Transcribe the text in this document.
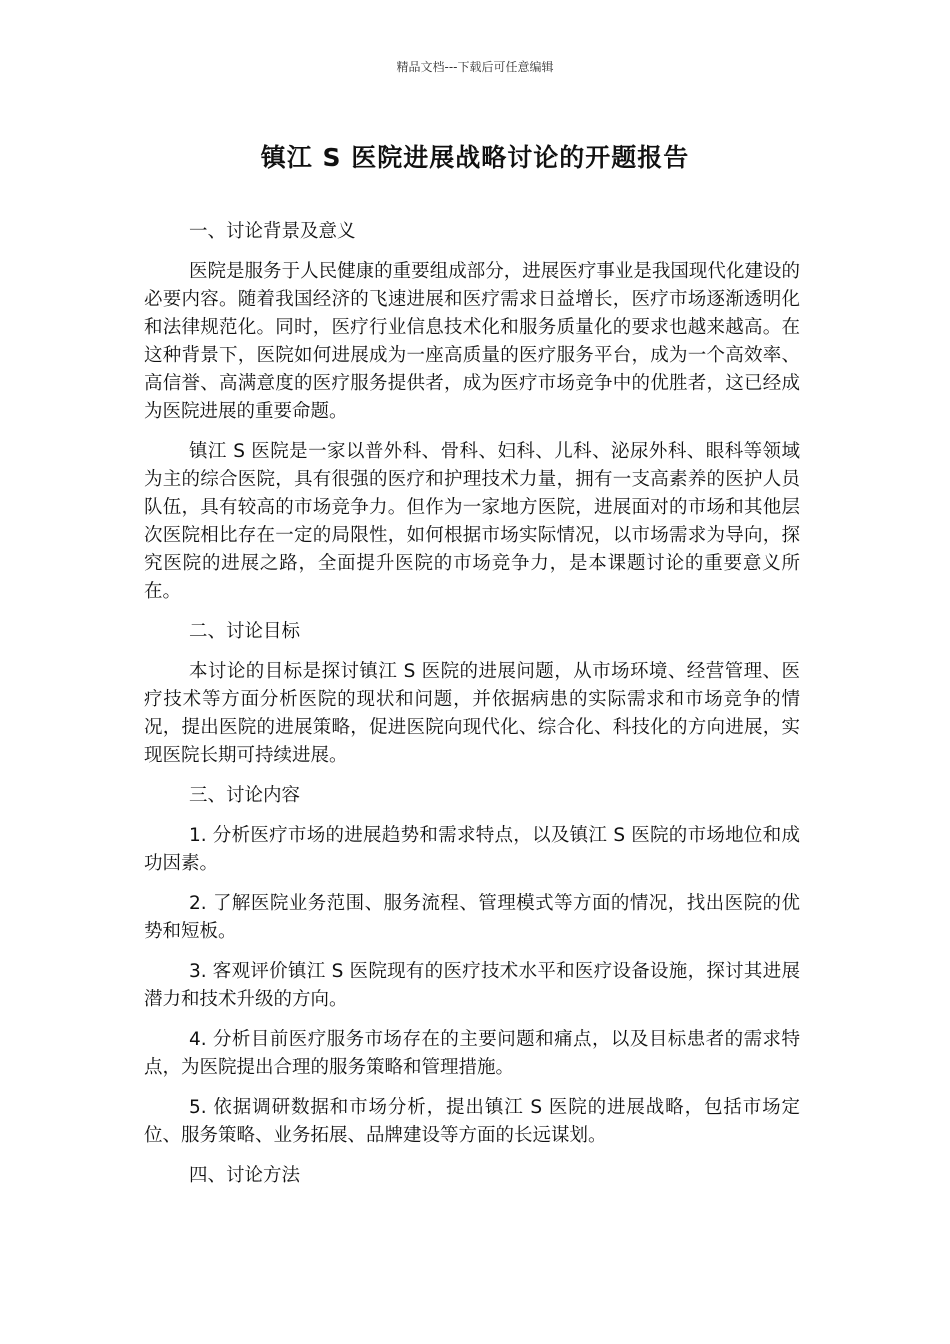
精品文档---下载后可任意编辑
镇江 S 医院进展战略讨论的开题报告

一、讨论背景及意义

医院是服务于人民健康的重要组成部分，进展医疗事业是我国现代化建设的必要内容。随着我国经济的飞速进展和医疗需求日益增长，医疗市场逐渐透明化和法律规范化。同时，医疗行业信息技术化和服务质量化的要求也越来越高。在这种背景下，医院如何进展成为一座高质量的医疗服务平台，成为一个高效率、高信誉、高满意度的医疗服务提供者，成为医疗市场竞争中的优胜者，这已经成为医院进展的重要命题。

镇江 S 医院是一家以普外科、骨科、妇科、儿科、泌尿外科、眼科等领域为主的综合医院，具有很强的医疗和护理技术力量，拥有一支高素养的医护人员队伍，具有较高的市场竞争力。但作为一家地方医院，进展面对的市场和其他层次医院相比存在一定的局限性，如何根据市场实际情况，以市场需求为导向，探究医院的进展之路，全面提升医院的市场竞争力，是本课题讨论的重要意义所在。

二、讨论目标

本讨论的目标是探讨镇江 S 医院的进展问题，从市场环境、经营管理、医疗技术等方面分析医院的现状和问题，并依据病患的实际需求和市场竞争的情况，提出医院的进展策略，促进医院向现代化、综合化、科技化的方向进展，实现医院长期可持续进展。

三、讨论内容

1. 分析医疗市场的进展趋势和需求特点，以及镇江 S 医院的市场地位和成功因素。

2. 了解医院业务范围、服务流程、管理模式等方面的情况，找出医院的优势和短板。

3. 客观评价镇江 S 医院现有的医疗技术水平和医疗设备设施，探讨其进展潜力和技术升级的方向。

4. 分析目前医疗服务市场存在的主要问题和痛点，以及目标患者的需求特点，为医院提出合理的服务策略和管理措施。

5. 依据调研数据和市场分析，提出镇江 S 医院的进展战略，包括市场定位、服务策略、业务拓展、品牌建设等方面的长远谋划。

四、讨论方法
